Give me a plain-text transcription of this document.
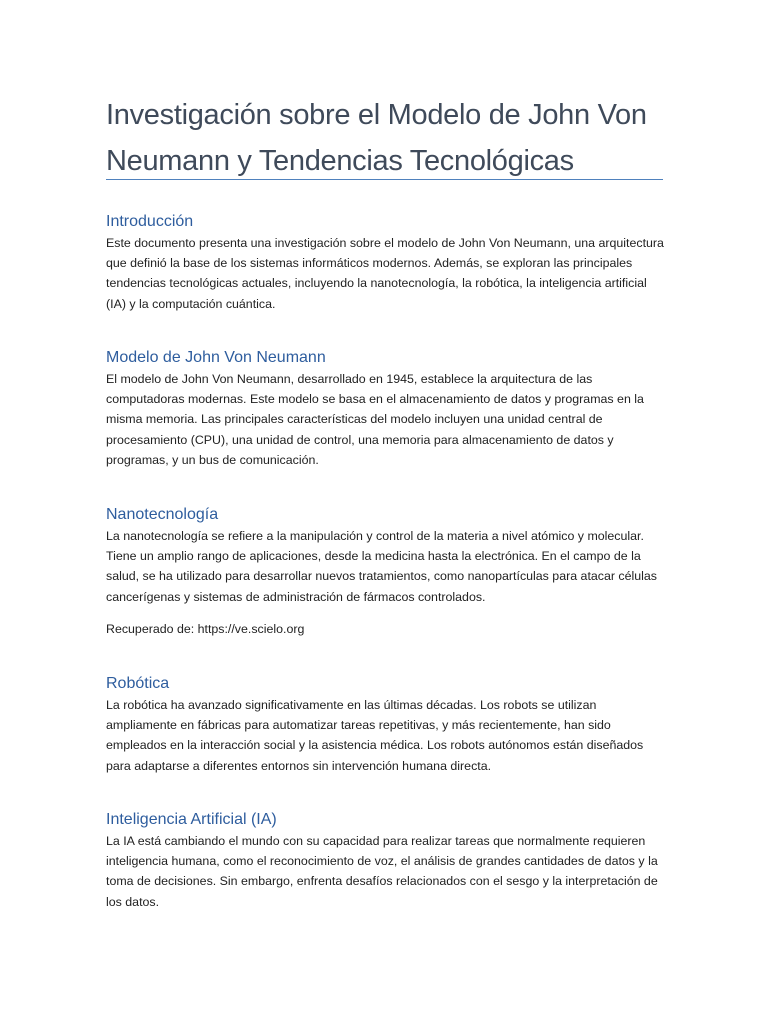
Investigación sobre el Modelo de John Von Neumann y Tendencias Tecnológicas
Introducción

Este documento presenta una investigación sobre el modelo de John Von Neumann, una arquitectura que definió la base de los sistemas informáticos modernos. Además, se exploran las principales tendencias tecnológicas actuales, incluyendo la nanotecnología, la robótica, la inteligencia artificial (IA) y la computación cuántica.

Modelo de John Von Neumann

El modelo de John Von Neumann, desarrollado en 1945, establece la arquitectura de las computadoras modernas. Este modelo se basa en el almacenamiento de datos y programas en la misma memoria. Las principales características del modelo incluyen una unidad central de procesamiento (CPU), una unidad de control, una memoria para almacenamiento de datos y programas, y un bus de comunicación.

Nanotecnología

La nanotecnología se refiere a la manipulación y control de la materia a nivel atómico y molecular. Tiene un amplio rango de aplicaciones, desde la medicina hasta la electrónica. En el campo de la salud, se ha utilizado para desarrollar nuevos tratamientos, como nanopartículas para atacar células cancerígenas y sistemas de administración de fármacos controlados.

Recuperado de: https://ve.scielo.org

Robótica

La robótica ha avanzado significativamente en las últimas décadas. Los robots se utilizan ampliamente en fábricas para automatizar tareas repetitivas, y más recientemente, han sido empleados en la interacción social y la asistencia médica. Los robots autónomos están diseñados para adaptarse a diferentes entornos sin intervención humana directa.

Inteligencia Artificial (IA)

La IA está cambiando el mundo con su capacidad para realizar tareas que normalmente requieren inteligencia humana, como el reconocimiento de voz, el análisis de grandes cantidades de datos y la toma de decisiones. Sin embargo, enfrenta desafíos relacionados con el sesgo y la interpretación de los datos.
